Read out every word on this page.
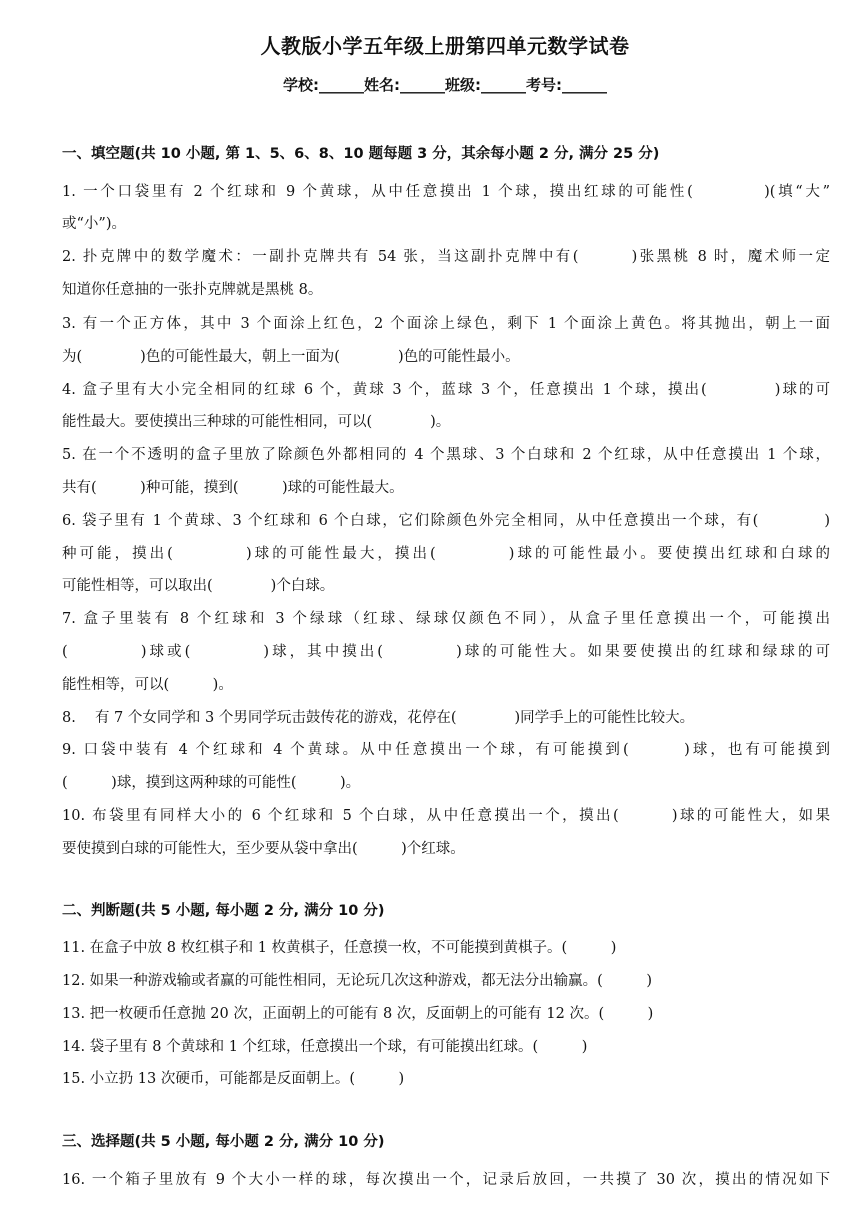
人教版小学五年级上册第四单元数学试卷
学校:______姓名:______班级:______考号:______
一、填空题(共 10 小题, 第 1、5、6、8、10 题每题 3 分，其余每小题 2 分, 满分 25 分)
1. 一个口袋里有 2 个红球和 9 个黄球，从中任意摸出 1 个球，摸出红球的可能性(　　　　)(填“大”
或“小”)。
2. 扑克牌中的数学魔术：一副扑克牌共有 54 张，当这副扑克牌中有(　　　)张黑桃 8 时，魔术师一定
知道你任意抽的一张扑克牌就是黑桃 8。
3. 有一个正方体，其中 3 个面涂上红色，2 个面涂上绿色，剩下 1 个面涂上黄色。将其抛出，朝上一面
为(　　　　)色的可能性最大，朝上一面为(　　　　)色的可能性最小。
4. 盒子里有大小完全相同的红球 6 个，黄球 3 个，蓝球 3 个，任意摸出 1 个球，摸出(　　　　)球的可
能性最大。要使摸出三种球的可能性相同，可以(　　　　)。
5. 在一个不透明的盒子里放了除颜色外都相同的 4 个黑球、3 个白球和 2 个红球，从中任意摸出 1 个球，
共有(　　　)种可能，摸到(　　　)球的可能性最大。
6. 袋子里有 1 个黄球、3 个红球和 6 个白球，它们除颜色外完全相同，从中任意摸出一个球，有(　　　　)
种可能，摸出(　　　　)球的可能性最大，摸出(　　　　)球的可能性最小。要使摸出红球和白球的
可能性相等，可以取出(　　　　)个白球。
7. 盒子里装有 8 个红球和 3 个绿球（红球、绿球仅颜色不同），从盒子里任意摸出一个，可能摸出
(　　　　)球或(　　　　)球，其中摸出(　　　　)球的可能性大。如果要使摸出的红球和绿球的可
能性相等，可以(　　　)。
8.　 有 7 个女同学和 3 个男同学玩击鼓传花的游戏，花停在(　　　　)同学手上的可能性比较大。
9. 口袋中装有 4 个红球和 4 个黄球。从中任意摸出一个球，有可能摸到(　　　)球，也有可能摸到
(　　　)球，摸到这两种球的可能性(　　　)。
10. 布袋里有同样大小的 6 个红球和 5 个白球，从中任意摸出一个，摸出(　　　)球的可能性大，如果
要使摸到白球的可能性大，至少要从袋中拿出(　　　)个红球。
二、判断题(共 5 小题, 每小题 2 分, 满分 10 分)
11. 在盒子中放 8 枚红棋子和 1 枚黄棋子，任意摸一枚，不可能摸到黄棋子。(　　　)
12. 如果一种游戏输或者赢的可能性相同，无论玩几次这种游戏，都无法分出输赢。(　　　)
13. 把一枚硬币任意抛 20 次，正面朝上的可能有 8 次，反面朝上的可能有 12 次。(　　　)
14. 袋子里有 8 个黄球和 1 个红球，任意摸出一个球，有可能摸出红球。(　　　)
15. 小立扔 13 次硬币，可能都是反面朝上。(　　　)
三、选择题(共 5 小题, 每小题 2 分, 满分 10 分)
16. 一个箱子里放有 9 个大小一样的球，每次摸出一个，记录后放回，一共摸了 30 次，摸出的情况如下
